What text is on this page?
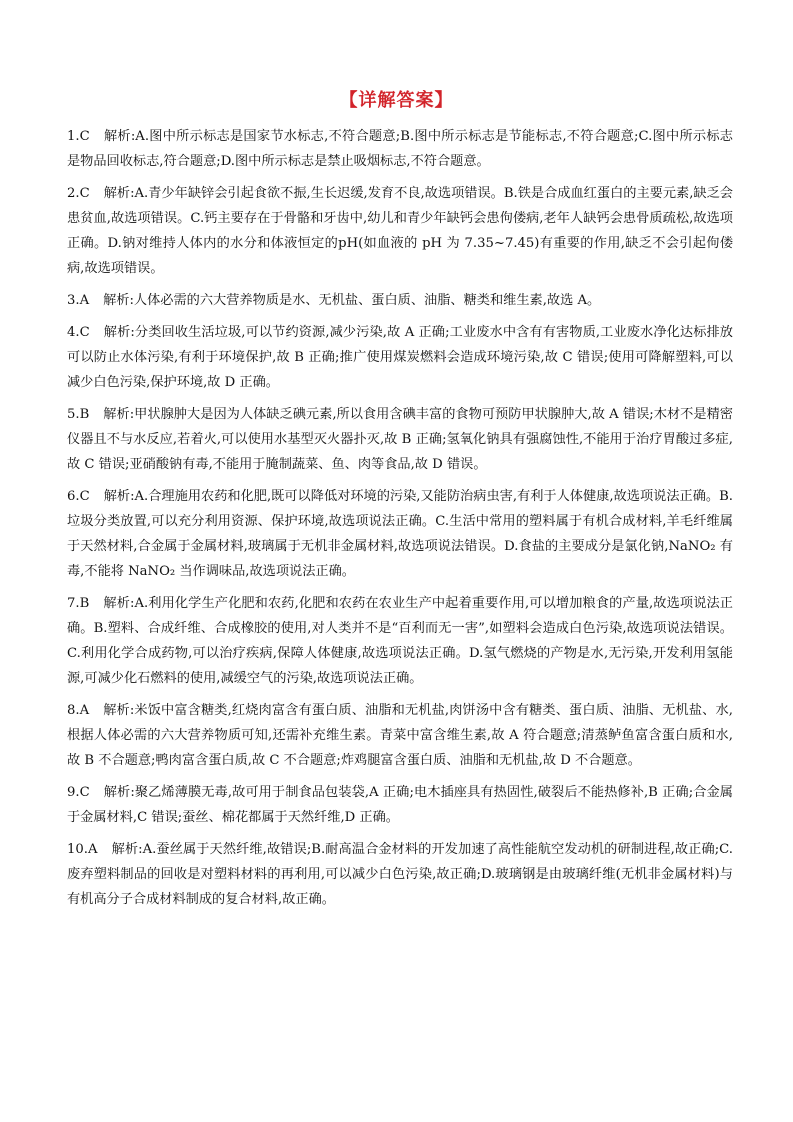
【详解答案】

1.C 解析:A.图中所示标志是国家节水标志,不符合题意;B.图中所示标志是节能标志,不符合题意;C.图中所示标志是物品回收标志,符合题意;D.图中所示标志是禁止吸烟标志,不符合题意。

2.C 解析:A.青少年缺锌会引起食欲不振,生长迟缓,发育不良,故选项错误。B.铁是合成血红蛋白的主要元素,缺乏会患贫血,故选项错误。C.钙主要存在于骨骼和牙齿中,幼儿和青少年缺钙会患佝偻病,老年人缺钙会患骨质疏松,故选项正确。D.钠对维持人体内的水分和体液恒定的pH(如血液的 pH 为 7.35~7.45)有重要的作用,缺乏不会引起佝偻病,故选项错误。

3.A 解析:人体必需的六大营养物质是水、无机盐、蛋白质、油脂、糖类和维生素,故选 A。

4.C 解析:分类回收生活垃圾,可以节约资源,减少污染,故 A 正确;工业废水中含有有害物质,工业废水净化达标排放可以防止水体污染,有利于环境保护,故 B 正确;推广使用煤炭燃料会造成环境污染,故 C 错误;使用可降解塑料,可以减少白色污染,保护环境,故 D 正确。

5.B 解析:甲状腺肿大是因为人体缺乏碘元素,所以食用含碘丰富的食物可预防甲状腺肿大,故 A 错误;木材不是精密仪器且不与水反应,若着火,可以使用水基型灭火器扑灭,故 B 正确;氢氧化钠具有强腐蚀性,不能用于治疗胃酸过多症,故 C 错误;亚硝酸钠有毒,不能用于腌制蔬菜、鱼、肉等食品,故 D 错误。

6.C 解析:A.合理施用农药和化肥,既可以降低对环境的污染,又能防治病虫害,有利于人体健康,故选项说法正确。B.垃圾分类放置,可以充分利用资源、保护环境,故选项说法正确。C.生活中常用的塑料属于有机合成材料,羊毛纤维属于天然材料,合金属于金属材料,玻璃属于无机非金属材料,故选项说法错误。D.食盐的主要成分是氯化钠,NaNO₂ 有毒,不能将 NaNO₂ 当作调味品,故选项说法正确。

7.B 解析:A.利用化学生产化肥和农药,化肥和农药在农业生产中起着重要作用,可以增加粮食的产量,故选项说法正确。B.塑料、合成纤维、合成橡胶的使用,对人类并不是“百利而无一害”,如塑料会造成白色污染,故选项说法错误。C.利用化学合成药物,可以治疗疾病,保障人体健康,故选项说法正确。D.氢气燃烧的产物是水,无污染,开发利用氢能源,可减少化石燃料的使用,减缓空气的污染,故选项说法正确。

8.A 解析:米饭中富含糖类,红烧肉富含有蛋白质、油脂和无机盐,肉饼汤中含有糖类、蛋白质、油脂、无机盐、水,根据人体必需的六大营养物质可知,还需补充维生素。青菜中富含维生素,故 A 符合题意;清蒸鲈鱼富含蛋白质和水,故 B 不合题意;鸭肉富含蛋白质,故 C 不合题意;炸鸡腿富含蛋白质、油脂和无机盐,故 D 不合题意。

9.C 解析:聚乙烯薄膜无毒,故可用于制食品包装袋,A 正确;电木插座具有热固性,破裂后不能热修补,B 正确;合金属于金属材料,C 错误;蚕丝、棉花都属于天然纤维,D 正确。

10.A 解析:A.蚕丝属于天然纤维,故错误;B.耐高温合金材料的开发加速了高性能航空发动机的研制进程,故正确;C.废弃塑料制品的回收是对塑料材料的再利用,可以减少白色污染,故正确;D.玻璃钢是由玻璃纤维(无机非金属材料)与有机高分子合成材料制成的复合材料,故正确。
